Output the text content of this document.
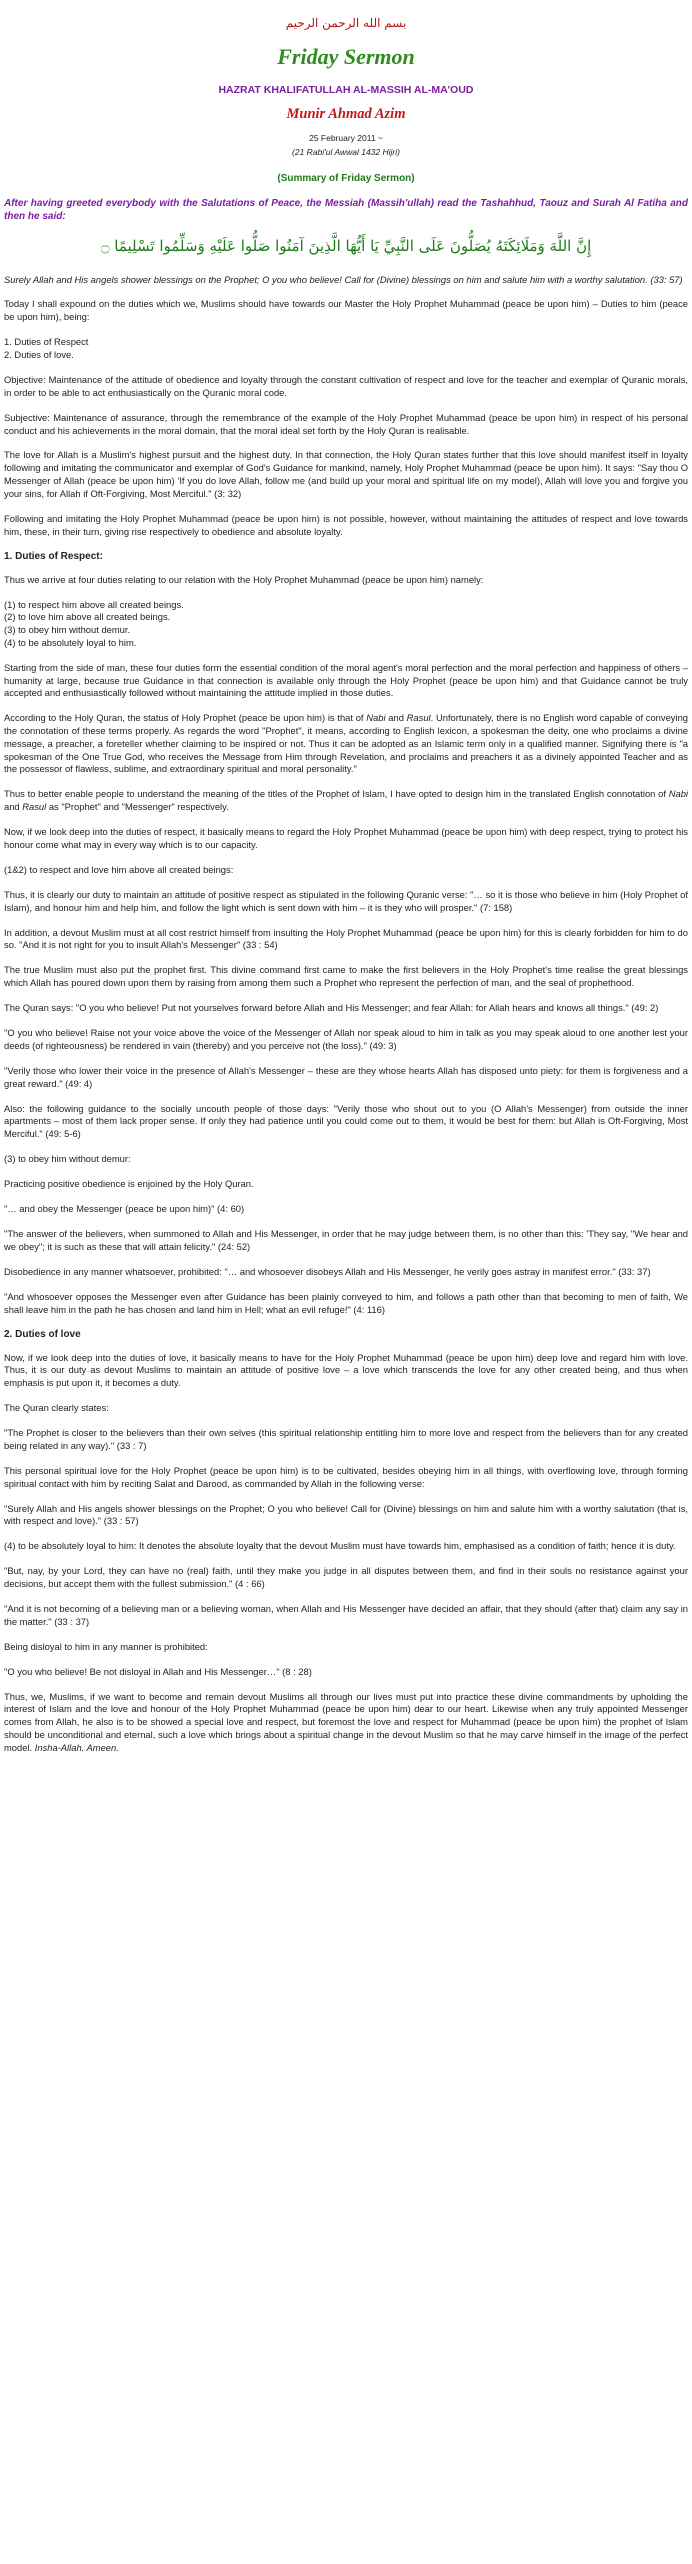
بسم الله الرحمن الرحيم
Friday Sermon
HAZRAT KHALIFATULLAH AL-MASSIH AL-MA'OUD
Munir Ahmad Azim
25 February 2011 ~
(21 Rabi'ul Awwal 1432 Hijri)
(Summary of Friday Sermon)
After having greeted everybody with the Salutations of Peace, the Messiah (Massih'ullah) read the Tashahhud, Taouz and Surah Al Fatiha and then he said:
إِنَّ اللَّهَ وَمَلَائِكَتَهُ يُصَلُّونَ عَلَى النَّبِيِّ يَا أَيُّهَا الَّذِينَ آمَنُوا صَلُّوا عَلَيْهِ وَسَلِّمُوا تَسْلِيمًا ۝

Surely Allah and His angels shower blessings on the Prophet; O you who believe! Call for (Divine) blessings on him and salute him with a worthy salutation. (33: 57)

Today I shall expound on the duties which we, Muslims should have towards our Master the Holy Prophet Muhammad (peace be upon him) – Duties to him (peace be upon him), being:

1. Duties of Respect
2. Duties of love.

Objective: Maintenance of the attitude of obedience and loyalty through the constant cultivation of respect and love for the teacher and exemplar of Quranic morals, in order to be able to act enthusiastically on the Quranic moral code.

Subjective: Maintenance of assurance, through the remembrance of the example of the Holy Prophet Muhammad (peace be upon him) in respect of his personal conduct and his achievements in the moral domain, that the moral ideal set forth by the Holy Quran is realisable.

The love for Allah is a Muslim's highest pursuit and the highest duty. In that connection, the Holy Quran states further that this love should manifest itself in loyalty following and imitating the communicator and exemplar of God's Guidance for mankind, namely, Holy Prophet Muhammad (peace be upon him). It says: "Say thou O Messenger of Allah (peace be upon him) 'If you do love Allah, follow me (and build up your moral and spiritual life on my model), Allah will love you and forgive you your sins, for Allah if Oft-Forgiving, Most Merciful." (3: 32)

Following and imitating the Holy Prophet Muhammad (peace be upon him) is not possible, however, without maintaining the attitudes of respect and love towards him, these, in their turn, giving rise respectively to obedience and absolute loyalty.

1. Duties of Respect:

Thus we arrive at four duties relating to our relation with the Holy Prophet Muhammad (peace be upon him) namely:

(1) to respect him above all created beings.
(2) to love him above all created beings.
(3) to obey him without demur.
(4) to be absolutely loyal to him.

Starting from the side of man, these four duties form the essential condition of the moral agent's moral perfection and the moral perfection and happiness of others – humanity at large, because true Guidance in that connection is available only through the Holy Prophet (peace be upon him) and that Guidance cannot be truly accepted and enthusiastically followed without maintaining the attitude implied in those duties.

According to the Holy Quran, the status of Holy Prophet (peace be upon him) is that of Nabi and Rasul. Unfortunately, there is no English word capable of conveying the connotation of these terms properly. As regards the word "Prophet", it means, according to English lexicon, a spokesman the deity, one who proclaims a divine message, a preacher, a foreteller whether claiming to be inspired or not. Thus it can be adopted as an Islamic term only in a qualified manner. Signifying there is "a spokesman of the One True God, who receives the Message from Him through Revelation, and proclaims and preachers it as a divinely appointed Teacher and as the possessor of flawless, sublime, and extraordinary spiritual and moral personality."

Thus to better enable people to understand the meaning of the titles of the Prophet of Islam, I have opted to design him in the translated English connotation of Nabi and Rasul as "Prophet" and "Messenger" respectively.

Now, if we look deep into the duties of respect, it basically means to regard the Holy Prophet Muhammad (peace be upon him) with deep respect, trying to protect his honour come what may in every way which is to our capacity.

(1&2) to respect and love him above all created beings:

Thus, it is clearly our duty to maintain an attitude of positive respect as stipulated in the following Quranic verse: "… so it is those who believe in him (Holy Prophet of Islam), and honour him and help him, and follow the light which is sent down with him – it is they who will prosper." (7: 158)

In addition, a devout Muslim must at all cost restrict himself from insulting the Holy Prophet Muhammad (peace be upon him) for this is clearly forbidden for him to do so. "And it is not right for you to insult Allah's Messenger" (33 : 54)

The true Muslim must also put the prophet first. This divine command first came to make the first believers in the Holy Prophet's time realise the great blessings which Allah has poured down upon them by raising from among them such a Prophet who represent the perfection of man, and the seal of prophethood.

The Quran says: "O you who believe! Put not yourselves forward before Allah and His Messenger; and fear Allah: for Allah hears and knows all things." (49: 2)

"O you who believe! Raise not your voice above the voice of the Messenger of Allah nor speak aloud to him in talk as you may speak aloud to one another lest your deeds (of righteousness) be rendered in vain (thereby) and you perceive not (the loss)." (49: 3)

"Verily those who lower their voice in the presence of Allah's Messenger – these are they whose hearts Allah has disposed unto piety: for them is forgiveness and a great reward." (49: 4)

Also: the following guidance to the socially uncouth people of those days: "Verily those who shout out to you (O Allah's Messenger) from outside the inner apartments – most of them lack proper sense. If only they had patience until you could come out to them, it would be best for them: but Allah is Oft-Forgiving, Most Merciful." (49: 5-6)

(3) to obey him without demur:

Practicing positive obedience is enjoined by the Holy Quran.

"… and obey the Messenger (peace be upon him)" (4: 60)

"The answer of the believers, when summoned to Allah and His Messenger, in order that he may judge between them, is no other than this: 'They say, "We hear and we obey"; it is such as these that will attain felicity." (24: 52)

Disobedience in any manner whatsoever, prohibited: "… and whosoever disobeys Allah and His Messenger, he verily goes astray in manifest error." (33: 37)

"And whosoever opposes the Messenger even after Guidance has been plainly conveyed to him, and follows a path other than that becoming to men of faith, We shall leave him in the path he has chosen and land him in Hell; what an evil refuge!" (4: 116)

2. Duties of love

Now, if we look deep into the duties of love, it basically means to have for the Holy Prophet Muhammad (peace be upon him) deep love and regard him with love. Thus, it is our duty as devout Muslims to maintain an attitude of positive love – a love which transcends the love for any other created being, and thus when emphasis is put upon it, it becomes a duty.

The Quran clearly states:

"The Prophet is closer to the believers than their own selves (this spiritual relationship entitling him to more love and respect from the believers than for any created being related in any way)." (33 : 7)

This personal spiritual love for the Holy Prophet (peace be upon him) is to be cultivated, besides obeying him in all things, with overflowing love, through forming spiritual contact with him by reciting Salat and Darood, as commanded by Allah in the following verse:

"Surely Allah and His angels shower blessings on the Prophet; O you who believe! Call for (Divine) blessings on him and salute him with a worthy salutation (that is, with respect and love)." (33 : 57)

(4) to be absolutely loyal to him: It denotes the absolute loyalty that the devout Muslim must have towards him, emphasised as a condition of faith; hence it is duty.

"But, nay, by your Lord, they can have no (real) faith, until they make you judge in all disputes between them, and find in their souls no resistance against your decisions, but accept them with the fullest submission." (4 : 66)

"And it is not becoming of a believing man or a believing woman, when Allah and His Messenger have decided an affair, that they should (after that) claim any say in the matter." (33 : 37)

Being disloyal to him in any manner is prohibited:

"O you who believe! Be not disloyal in Allah and His Messenger…" (8 : 28)

Thus, we, Muslims, if we want to become and remain devout Muslims all through our lives must put into practice these divine commandments by upholding the interest of Islam and the love and honour of the Holy Prophet Muhammad (peace be upon him) dear to our heart. Likewise when any truly appointed Messenger comes from Allah, he also is to be showed a special love and respect, but foremost the love and respect for Muhammad (peace be upon him) the prophet of Islam should be unconditional and eternal, such a love which brings about a spiritual change in the devout Muslim so that he may carve himself in the image of the perfect model. Insha-Allah. Ameen.
